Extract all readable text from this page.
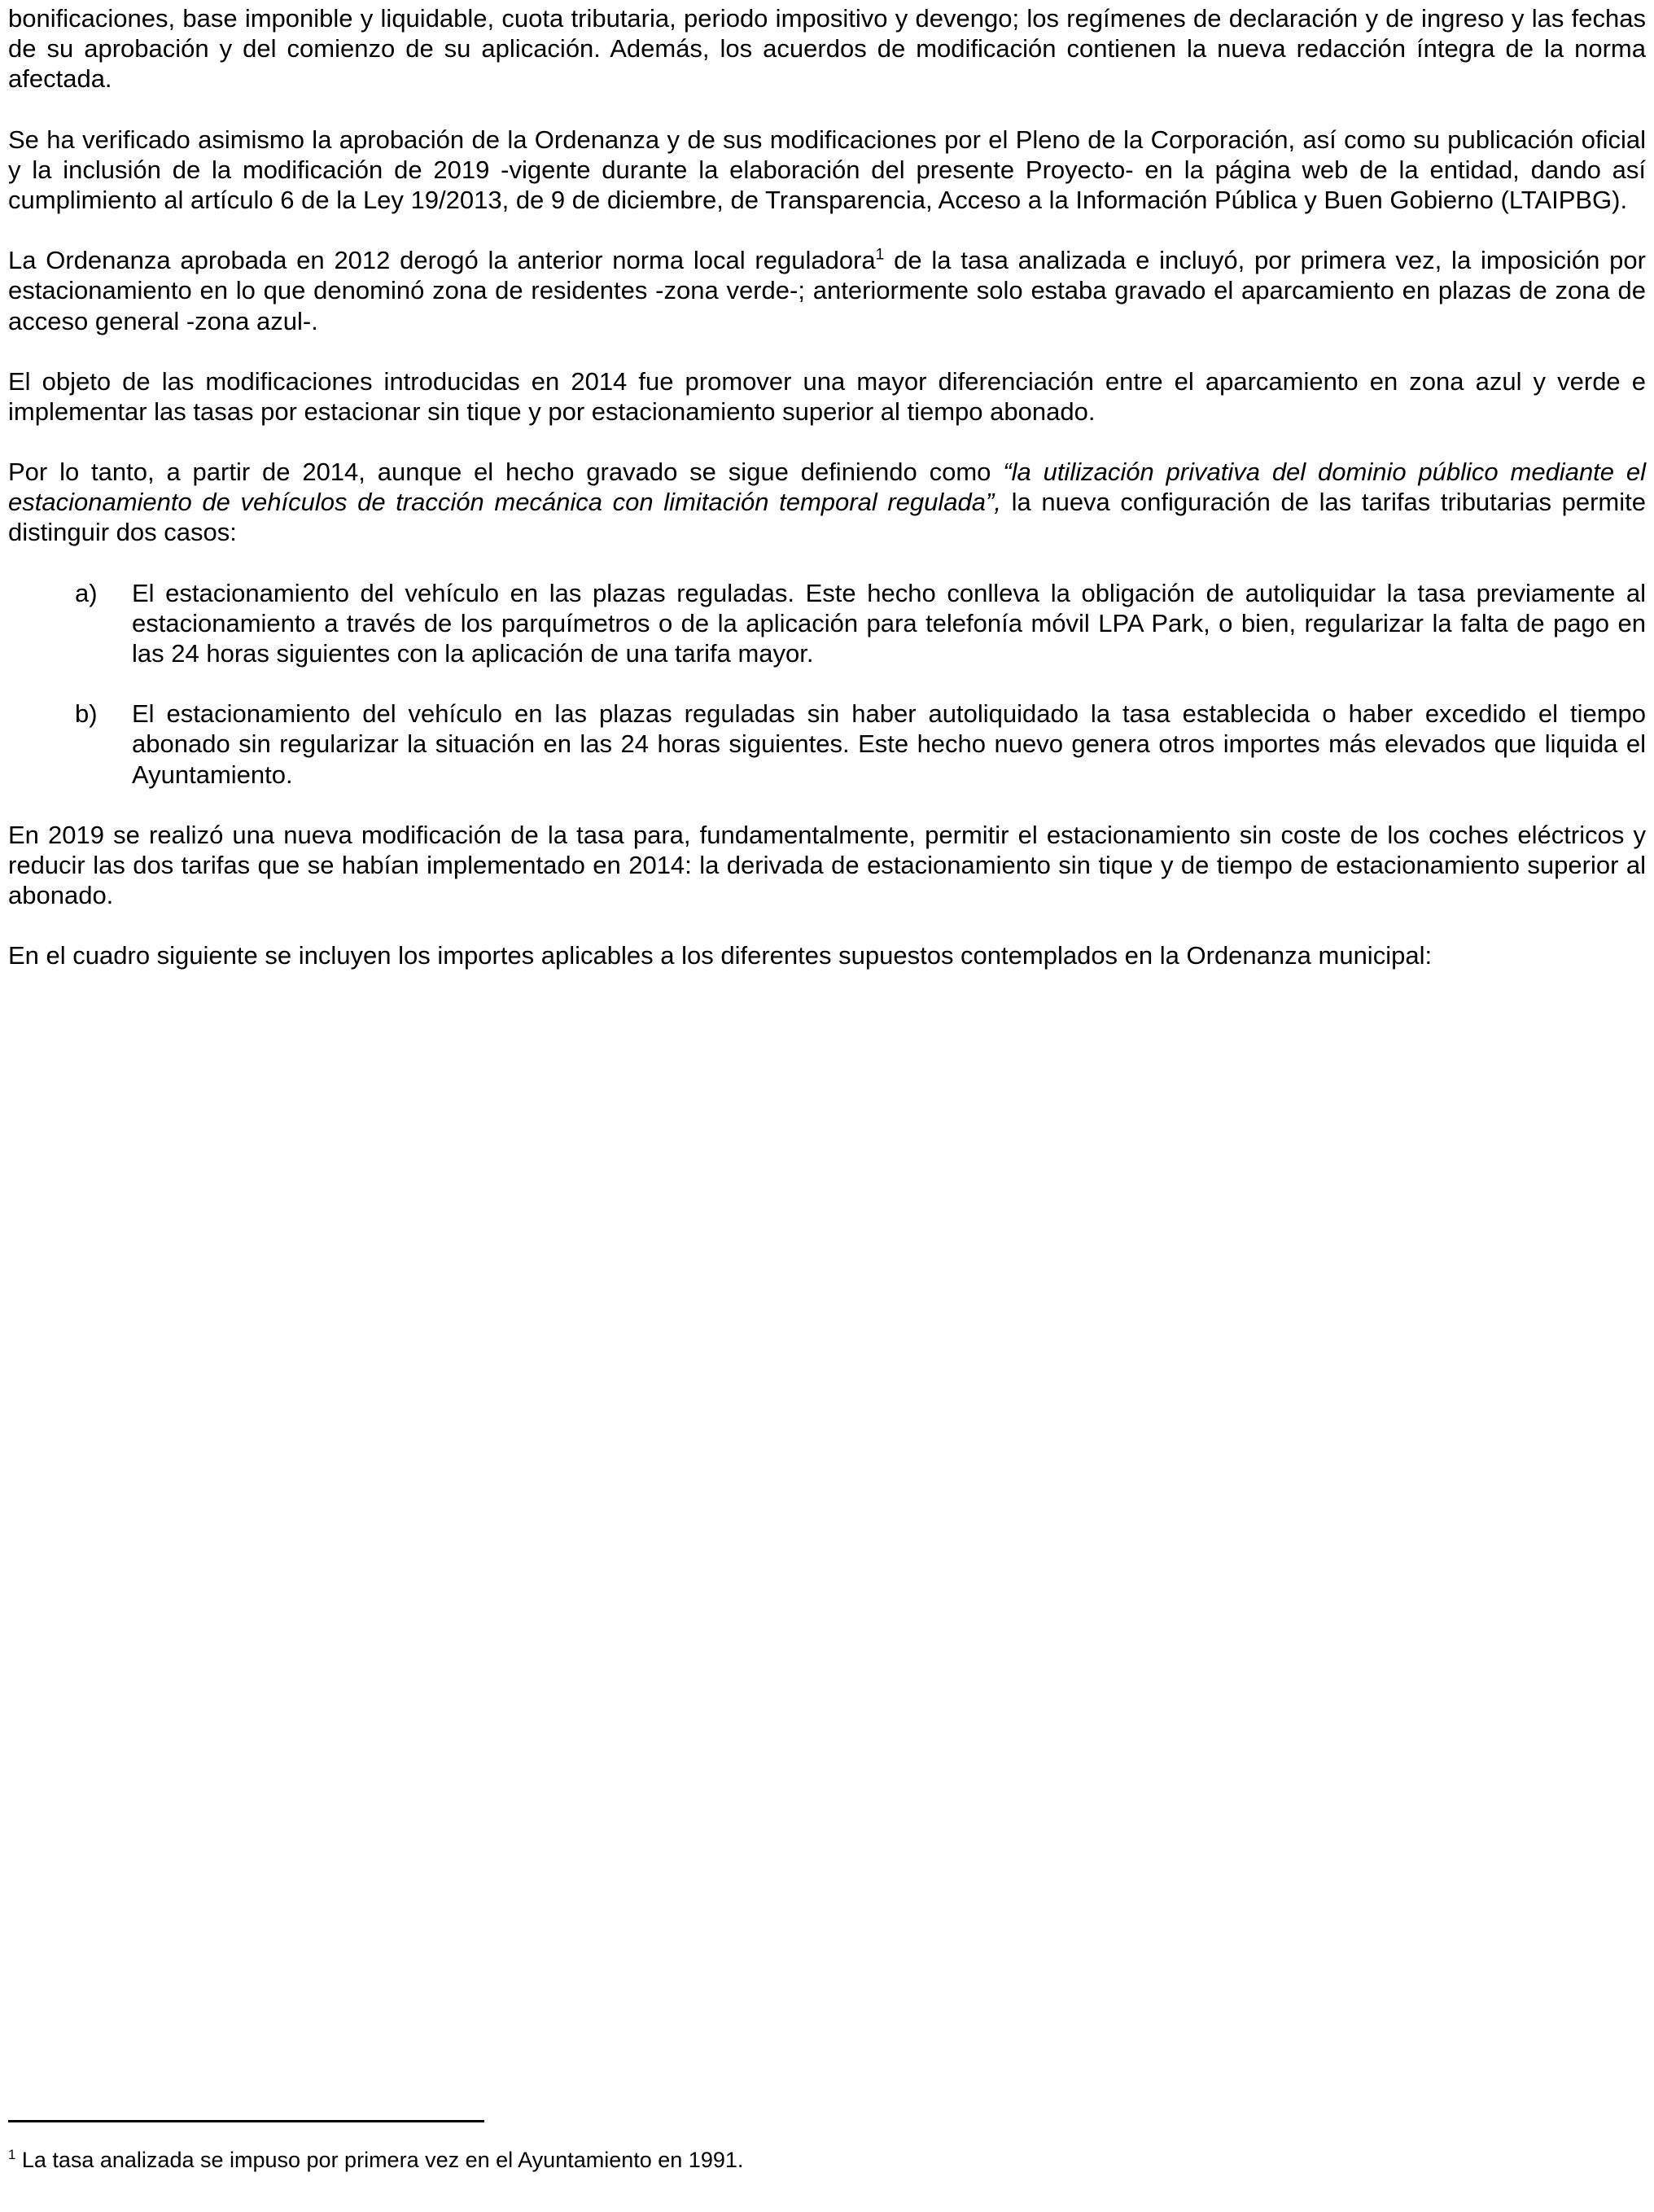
bonificaciones, base imponible y liquidable, cuota tributaria, periodo impositivo y devengo; los regímenes de declaración y de ingreso y las fechas de su aprobación y del comienzo de su aplicación. Además, los acuerdos de modificación contienen la nueva redacción íntegra de la norma afectada.

Se ha verificado asimismo la aprobación de la Ordenanza y de sus modificaciones por el Pleno de la Corporación, así como su publicación oficial y la inclusión de la modificación de 2019 -vigente durante la elaboración del presente Proyecto- en la página web de la entidad, dando así cumplimiento al artículo 6 de la Ley 19/2013, de 9 de diciembre, de Transparencia, Acceso a la Información Pública y Buen Gobierno (LTAIPBG).

La Ordenanza aprobada en 2012 derogó la anterior norma local reguladora$^1$ de la tasa analizada e incluyó, por primera vez, la imposición por estacionamiento en lo que denominó zona de residentes -zona verde-; anteriormente solo estaba gravado el aparcamiento en plazas de zona de acceso general -zona azul-.

El objeto de las modificaciones introducidas en 2014 fue promover una mayor diferenciación entre el aparcamiento en zona azul y verde e implementar las tasas por estacionar sin tique y por estacionamiento superior al tiempo abonado.

Por lo tanto, a partir de 2014, aunque el hecho gravado se sigue definiendo como “la utilización privativa del dominio público mediante el estacionamiento de vehículos de tracción mecánica con limitación temporal regulada”, la nueva configuración de las tarifas tributarias permite distinguir dos casos:

a) El estacionamiento del vehículo en las plazas reguladas. Este hecho conlleva la obligación de autoliquidar la tasa previamente al estacionamiento a través de los parquímetros o de la aplicación para telefonía móvil LPA Park, o bien, regularizar la falta de pago en las 24 horas siguientes con la aplicación de una tarifa mayor.
b) El estacionamiento del vehículo en las plazas reguladas sin haber autoliquidado la tasa establecida o haber excedido el tiempo abonado sin regularizar la situación en las 24 horas siguientes. Este hecho nuevo genera otros importes más elevados que liquida el Ayuntamiento.

En 2019 se realizó una nueva modificación de la tasa para, fundamentalmente, permitir el estacionamiento sin coste de los coches eléctricos y reducir las dos tarifas que se habían implementado en 2014: la derivada de estacionamiento sin tique y de tiempo de estacionamiento superior al abonado.

En el cuadro siguiente se incluyen los importes aplicables a los diferentes supuestos contemplados en la Ordenanza municipal:

$^1$ La tasa analizada se impuso por primera vez en el Ayuntamiento en 1991.
